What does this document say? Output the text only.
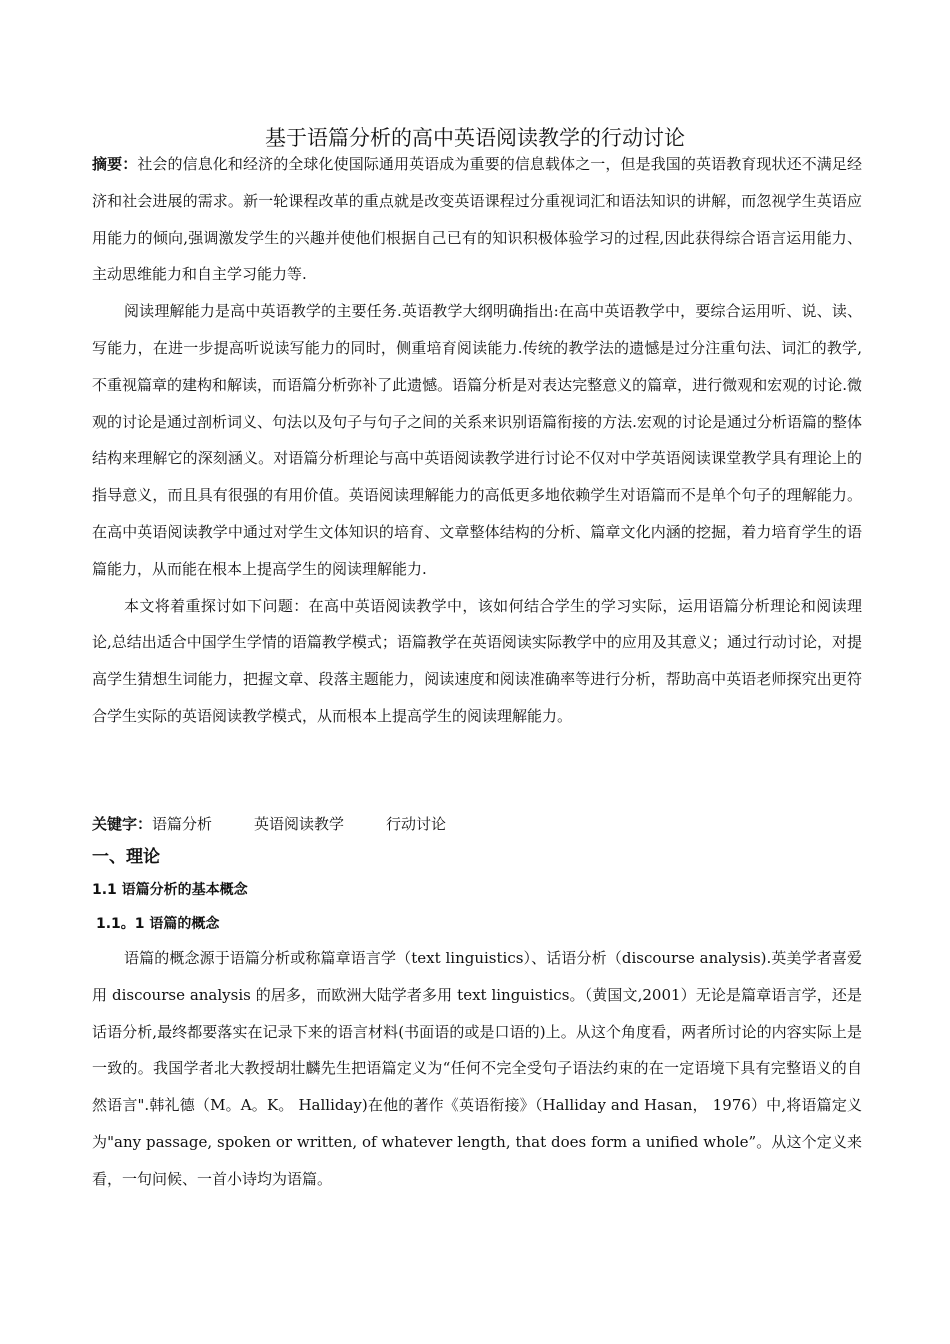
基于语篇分析的高中英语阅读教学的行动讨论

摘要：社会的信息化和经济的全球化使国际通用英语成为重要的信息载体之一，但是我国的英语教育现状还不满足经济和社会进展的需求。新一轮课程改革的重点就是改变英语课程过分重视词汇和语法知识的讲解，而忽视学生英语应用能力的倾向,强调激发学生的兴趣并使他们根据自己已有的知识积极体验学习的过程,因此获得综合语言运用能力、主动思维能力和自主学习能力等.

阅读理解能力是高中英语教学的主要任务.英语教学大纲明确指出:在高中英语教学中，要综合运用听、说、读、写能力，在进一步提高听说读写能力的同时，侧重培育阅读能力.传统的教学法的遗憾是过分注重句法、词汇的教学,不重视篇章的建构和解读，而语篇分析弥补了此遗憾。语篇分析是对表达完整意义的篇章，进行微观和宏观的讨论.微观的讨论是通过剖析词义、句法以及句子与句子之间的关系来识别语篇衔接的方法.宏观的讨论是通过分析语篇的整体结构来理解它的深刻涵义。对语篇分析理论与高中英语阅读教学进行讨论不仅对中学英语阅读课堂教学具有理论上的指导意义，而且具有很强的有用价值。英语阅读理解能力的高低更多地依赖学生对语篇而不是单个句子的理解能力。在高中英语阅读教学中通过对学生文体知识的培育、文章整体结构的分析、篇章文化内涵的挖掘，着力培育学生的语篇能力，从而能在根本上提高学生的阅读理解能力.

本文将着重探讨如下问题：在高中英语阅读教学中，该如何结合学生的学习实际，运用语篇分析理论和阅读理论,总结出适合中国学生学情的语篇教学模式；语篇教学在英语阅读实际教学中的应用及其意义；通过行动讨论，对提高学生猜想生词能力，把握文章、段落主题能力，阅读速度和阅读准确率等进行分析，帮助高中英语老师探究出更符合学生实际的英语阅读教学模式，从而根本上提高学生的阅读理解能力。

关键字：语篇分析	英语阅读教学	行动讨论
一、理论
1.1 语篇分析的基本概念
1.1。1 语篇的概念

语篇的概念源于语篇分析或称篇章语言学（text linguistics）、话语分析（discourse analysis).英美学者喜爱用 discourse analysis 的居多，而欧洲大陆学者多用 text linguistics。（黄国文,2001）无论是篇章语言学，还是话语分析,最终都要落实在记录下来的语言材料(书面语的或是口语的)上。从这个角度看，两者所讨论的内容实际上是一致的。我国学者北大教授胡壮麟先生把语篇定义为“任何不完全受句子语法约束的在一定语境下具有完整语义的自然语言".韩礼德（M。A。K。 Halliday)在他的著作《英语衔接》（Halliday and Hasan， 1976）中,将语篇定义为"any passage, spoken or written, of whatever length, that does form a unified whole”。从这个定义来看，一句问候、一首小诗均为语篇。
